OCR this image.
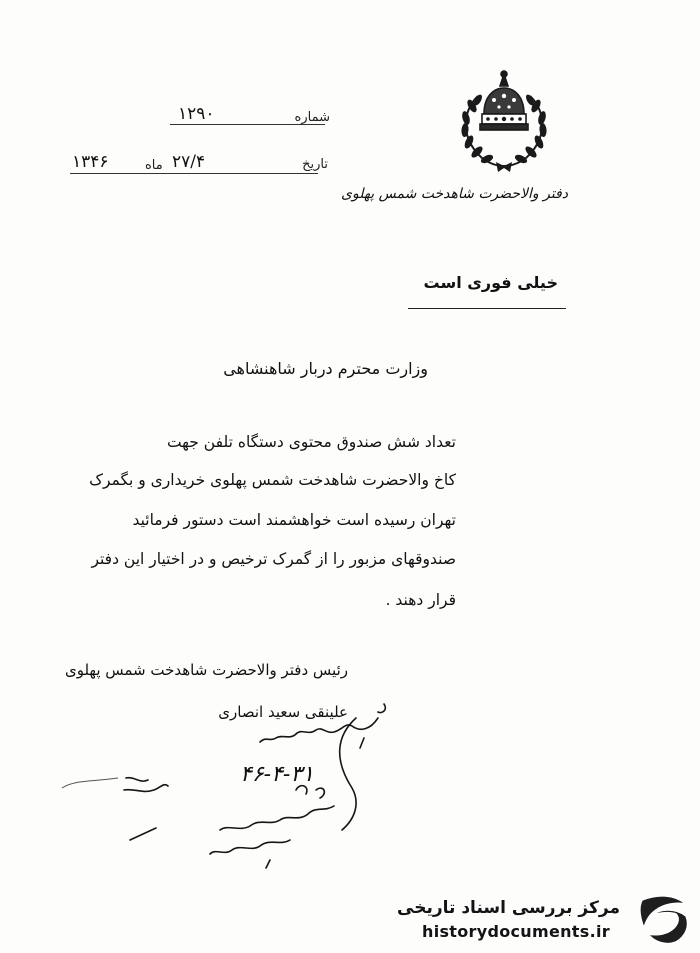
دفتر والاحضرت شاهدخت شمس پهلوی
شماره
۱۲۹۰
تاریخ
۲۷/۴
ماه
۱۳۴۶
خیلی فوری است
وزارت محترم دربار شاهنشاهی
تعداد شش صندوق محتوی دستگاه تلفن جهت
کاخ والاحضرت شاهدخت شمس پهلوی خریداری و بگمرک
تهران رسیده است خواهشمند است دستور فرمائید
صندوقهای مزبور را از گمرک ترخیص و در اختیار این دفتر
قرار دهند .
رئیس دفتر والاحضرت شاهدخت شمس پهلوی
علینقی سعید انصاری
۴۶-۴-۳۱
مرکز بررسی اسناد تاریخی
historydocuments.ir
